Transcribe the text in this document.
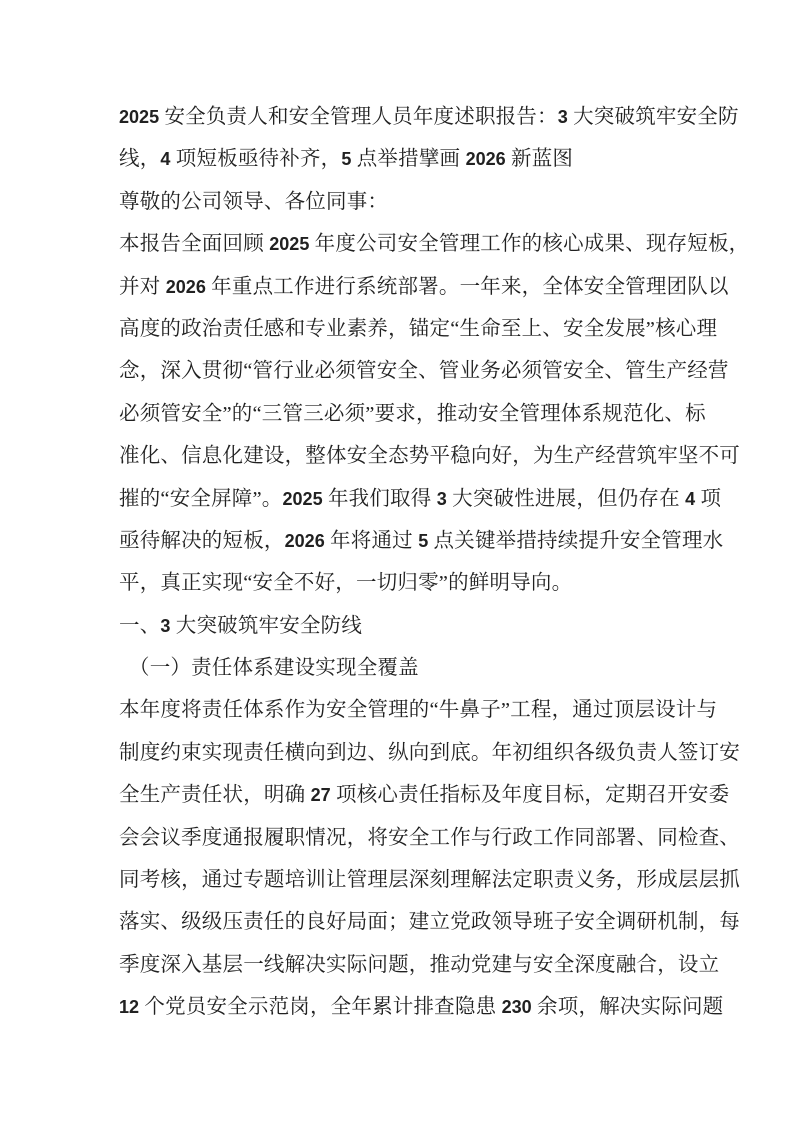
2025 安全负责人和安全管理人员年度述职报告：3 大突破筑牢安全防
线，4 项短板亟待补齐，5 点举措擘画 2026 新蓝图
尊敬的公司领导、各位同事：
本报告全面回顾 2025 年度公司安全管理工作的核心成果、现存短板，
并对 2026 年重点工作进行系统部署。一年来，全体安全管理团队以
高度的政治责任感和专业素养，锚定“生命至上、安全发展”核心理
念，深入贯彻“管行业必须管安全、管业务必须管安全、管生产经营
必须管安全”的“三管三必须”要求，推动安全管理体系规范化、标
准化、信息化建设，整体安全态势平稳向好，为生产经营筑牢坚不可
摧的“安全屏障”。2025 年我们取得 3 大突破性进展，但仍存在 4 项
亟待解决的短板，2026 年将通过 5 点关键举措持续提升安全管理水
平，真正实现“安全不好，一切归零”的鲜明导向。
一、3 大突破筑牢安全防线
（一）责任体系建设实现全覆盖
本年度将责任体系作为安全管理的“牛鼻子”工程，通过顶层设计与
制度约束实现责任横向到边、纵向到底。年初组织各级负责人签订安
全生产责任状，明确 27 项核心责任指标及年度目标，定期召开安委
会会议季度通报履职情况，将安全工作与行政工作同部署、同检查、
同考核，通过专题培训让管理层深刻理解法定职责义务，形成层层抓
落实、级级压责任的良好局面；建立党政领导班子安全调研机制，每
季度深入基层一线解决实际问题，推动党建与安全深度融合，设立
12 个党员安全示范岗，全年累计排查隐患 230 余项，解决实际问题
